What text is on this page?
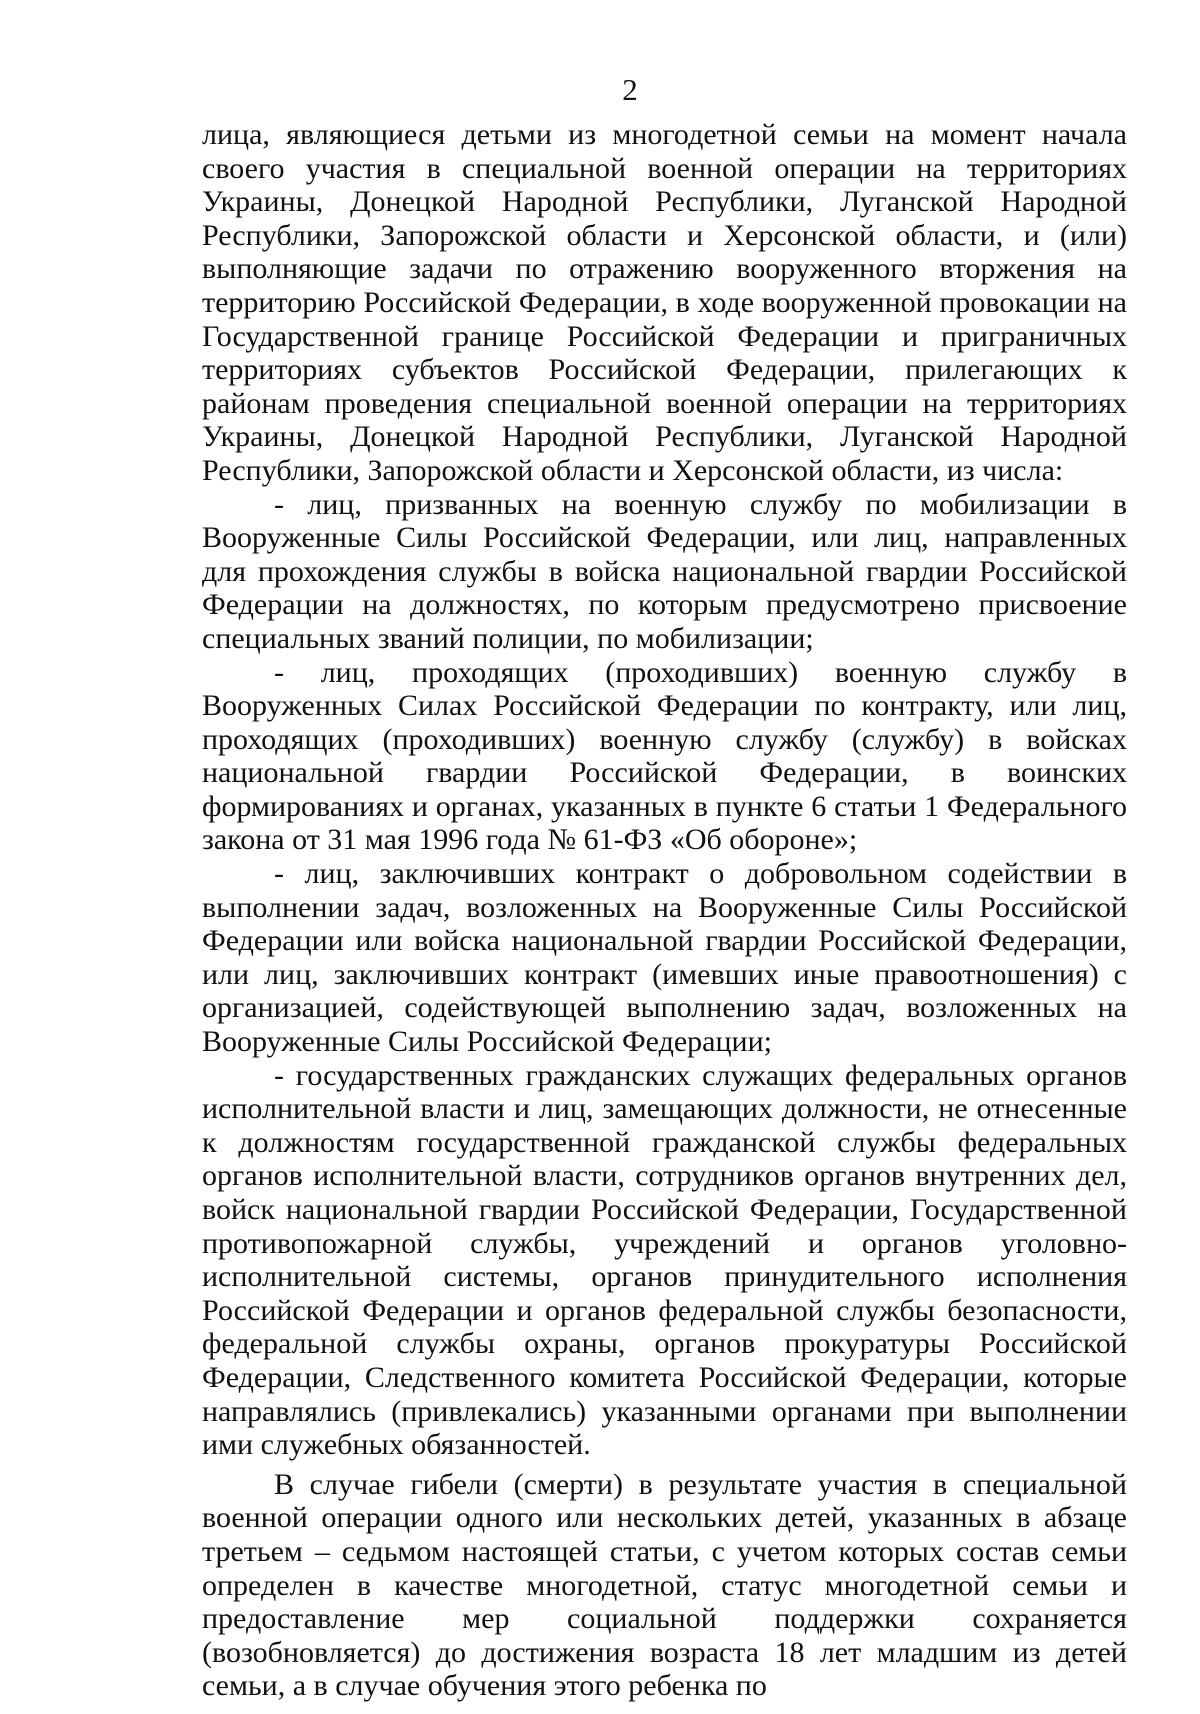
2

лица, являющиеся детьми из многодетной семьи на момент начала своего участия в специальной военной операции на территориях Украины, Донецкой Народной Республики, Луганской Народной Республики, Запорожской области и Херсонской области, и (или) выполняющие задачи по отражению вооруженного вторжения на территорию Российской Федерации, в ходе вооруженной провокации на Государственной границе Российской Федерации и приграничных территориях субъектов Российской Федерации, прилегающих к районам проведения специальной военной операции на территориях Украины, Донецкой Народной Республики, Луганской Народной Республики, Запорожской области и Херсонской области, из числа:

- лиц, призванных на военную службу по мобилизации в Вооруженные Силы Российской Федерации, или лиц, направленных для прохождения службы в войска национальной гвардии Российской Федерации на должностях, по которым предусмотрено присвоение специальных званий полиции, по мобилизации;

- лиц, проходящих (проходивших) военную службу в Вооруженных Силах Российской Федерации по контракту, или лиц, проходящих (проходивших) военную службу (службу) в войсках национальной гвардии Российской Федерации, в воинских формированиях и органах, указанных в пункте 6 статьи 1 Федерального закона от 31 мая 1996 года № 61-ФЗ «Об обороне»;

- лиц, заключивших контракт о добровольном содействии в выполнении задач, возложенных на Вооруженные Силы Российской Федерации или войска национальной гвардии Российской Федерации, или лиц, заключивших контракт (имевших иные правоотношения) с организацией, содействующей выполнению задач, возложенных на Вооруженные Силы Российской Федерации;

- государственных гражданских служащих федеральных органов исполнительной власти и лиц, замещающих должности, не отнесенные к должностям государственной гражданской службы федеральных органов исполнительной власти, сотрудников органов внутренних дел, войск национальной гвардии Российской Федерации, Государственной противопожарной службы, учреждений и органов уголовно-исполнительной системы, органов принудительного исполнения Российской Федерации и органов федеральной службы безопасности, федеральной службы охраны, органов прокуратуры Российской Федерации, Следственного комитета Российской Федерации, которые направлялись (привлекались) указанными органами при выполнении ими служебных обязанностей.

В случае гибели (смерти) в результате участия в специальной военной операции одного или нескольких детей, указанных в абзаце третьем – седьмом настоящей статьи, с учетом которых состав семьи определен в качестве многодетной, статус многодетной семьи и предоставление мер социальной поддержки сохраняется (возобновляется) до достижения возраста 18 лет младшим из детей семьи, а в случае обучения этого ребенка по
